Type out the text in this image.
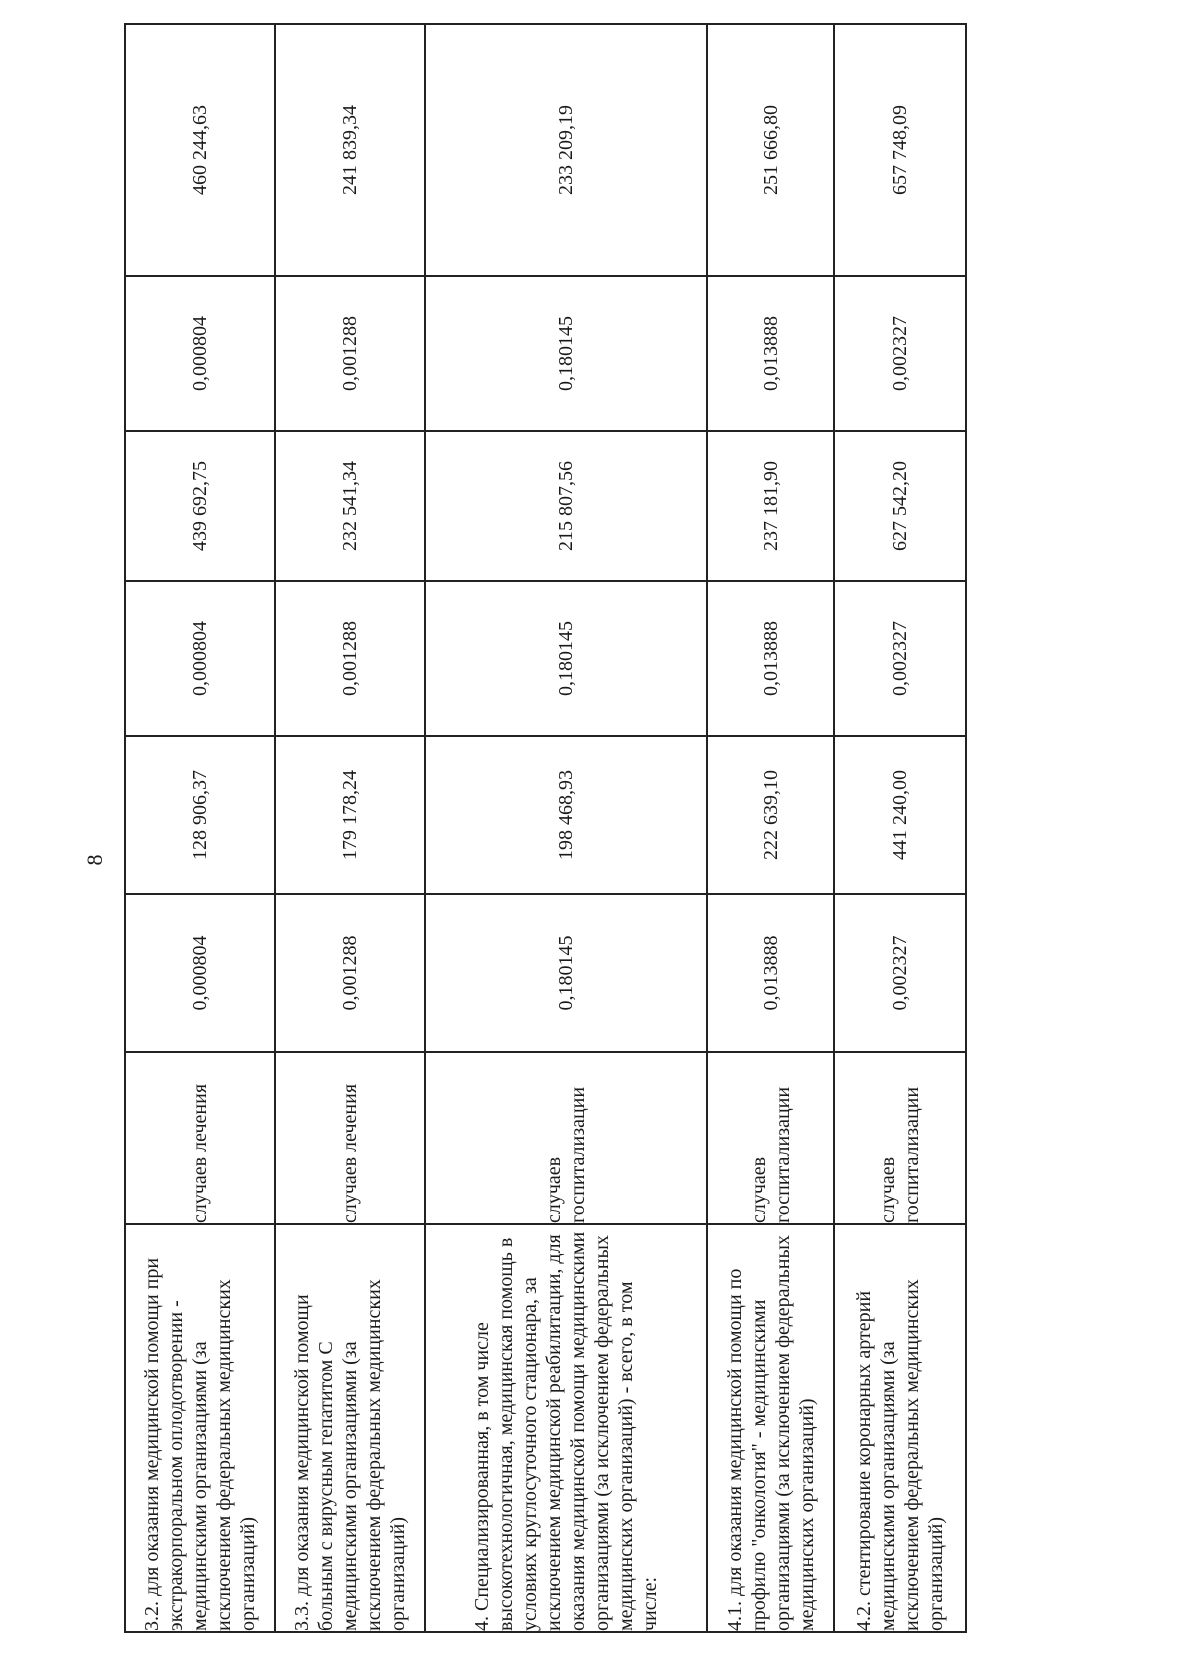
8
3.2. для оказания медицинской помощи при экстракорпоральном оплодотворении - медицинскими организациями (за исключением федеральных медицинских организаций)	случаев лечения	0,000804	128 906,37	0,000804	439 692,75	0,000804	460 244,63
3.3. для оказания медицинской помощи больным с вирусным гепатитом С медицинскими организациями (за исключением федеральных медицинских организаций)	случаев лечения	0,001288	179 178,24	0,001288	232 541,34	0,001288	241 839,34
4. Специализированная, в том числе высокотехнологичная, медицинская помощь в условиях круглосуточного стационара, за исключением медицинской реабилитации, для оказания медицинской помощи медицинскими организациями (за исключением федеральных медицинских организаций) - всего, в том числе:	случаев госпитализации	0,180145	198 468,93	0,180145	215 807,56	0,180145	233 209,19
4.1. для оказания медицинской помощи по профилю "онкология" - медицинскими организациями (за исключением федеральных медицинских организаций)	случаев госпитализации	0,013888	222 639,10	0,013888	237 181,90	0,013888	251 666,80
4.2. стентирование коронарных артерий медицинскими организациями (за исключением федеральных медицинских организаций)	случаев госпитализации	0,002327	441 240,00	0,002327	627 542,20	0,002327	657 748,09
